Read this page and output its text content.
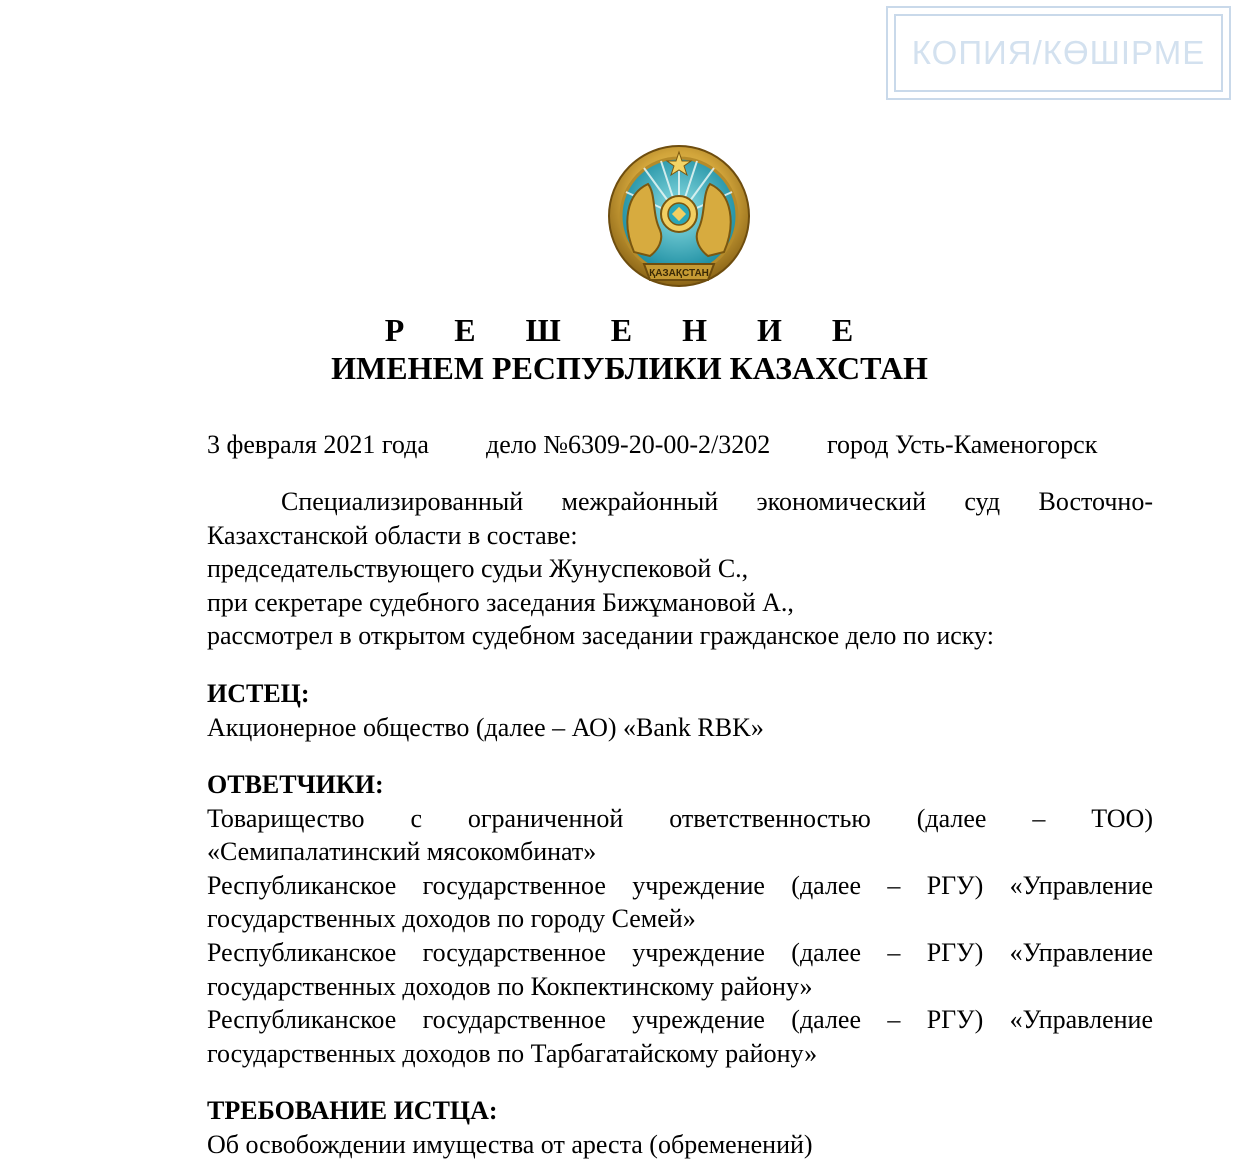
КОПИЯ/КӨШІРМЕ
ҚАЗАҚСТАН
Р Е Ш Е Н И Е
ИМЕНЕМ РЕСПУБЛИКИ КАЗАХСТАН
3 февраля 2021 года дело №6309-20-00-2/3202 город Усть-Каменогорск

Специализированный межрайонный экономический суд Восточно-

Казахстанской области в составе:

председательствующего судьи Жунуспековой С.,

при секретаре судебного заседания Бижұмановой А.,

рассмотрел в открытом судебном заседании гражданское дело по иску:

ИСТЕЦ:

Акционерное общество (далее – АО) «Bank RBK»

ОТВЕТЧИКИ:

Товарищество с ограниченной ответственностью (далее – ТОО)

«Семипалатинский мясокомбинат»

Республиканское государственное учреждение (далее – РГУ) «Управление

государственных доходов по городу Семей»

Республиканское государственное учреждение (далее – РГУ) «Управление

государственных доходов по Кокпектинскому району»

Республиканское государственное учреждение (далее – РГУ) «Управление

государственных доходов по Тарбагатайскому району»

ТРЕБОВАНИЕ ИСТЦА:

Об освобождении имущества от ареста (обременений)
